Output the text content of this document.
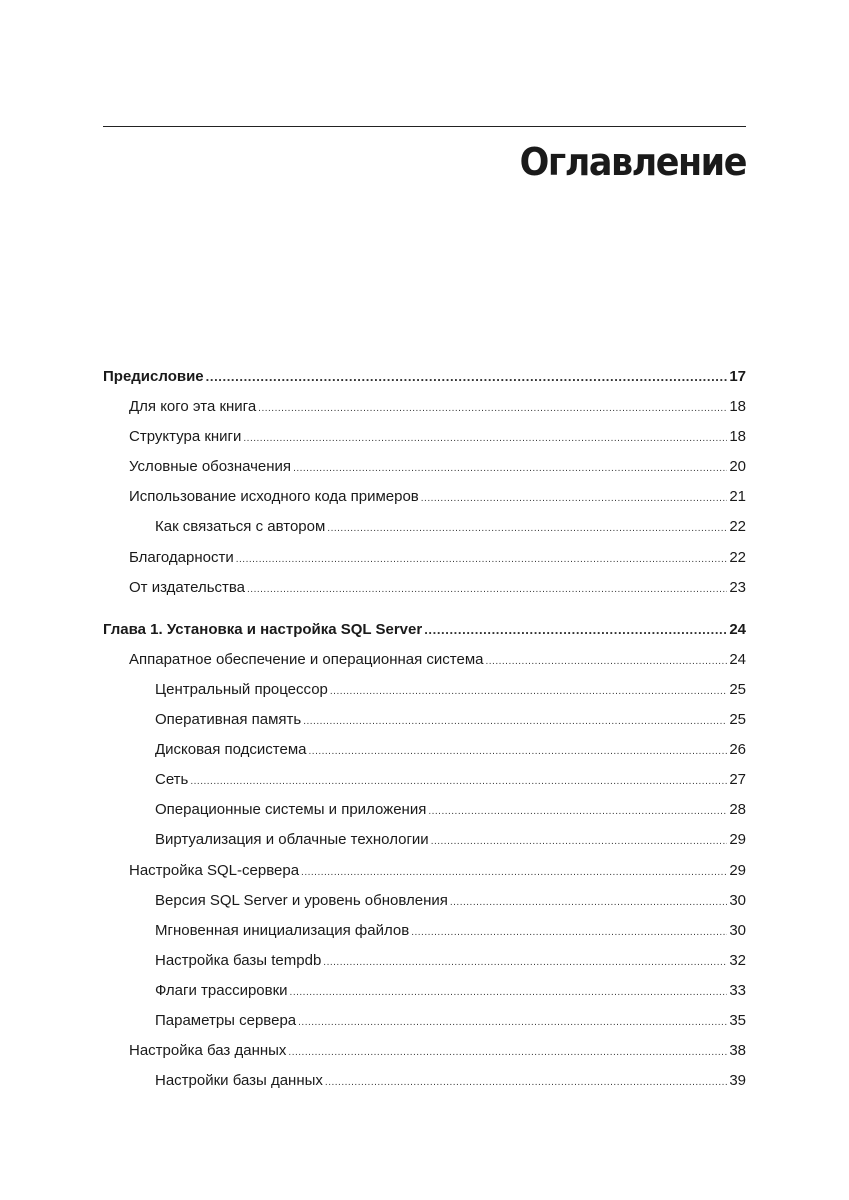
Оглавление
Предисловие .....	17
Для кого эта книга .....	18
Структура книги .....	18
Условные обозначения .....	20
Использование исходного кода примеров .....	21
Как связаться с автором .....	22
Благодарности .....	22
От издательства .....	23
Глава 1. Установка и настройка SQL Server .....	24
Аппаратное обеспечение и операционная система .....	24
Центральный процессор .....	25
Оперативная память .....	25
Дисковая подсистема .....	26
Сеть .....	27
Операционные системы и приложения .....	28
Виртуализация и облачные технологии .....	29
Настройка SQL-сервера .....	29
Версия SQL Server и уровень обновления .....	30
Мгновенная инициализация файлов .....	30
Настройка базы tempdb .....	32
Флаги трассировки .....	33
Параметры сервера .....	35
Настройка баз данных .....	38
Настройки базы данных .....	39
